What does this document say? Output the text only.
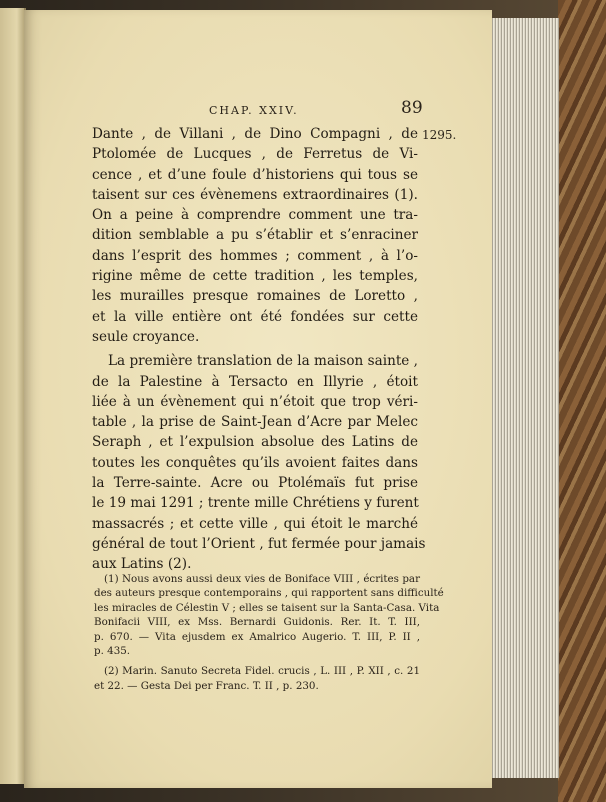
CHAP. XXIV.	89
1295.
Dante , de Villani , de Dino Compagni , de
Ptolomée de Lucques , de Ferretus de Vi-
cence , et d’une foule d’historiens qui tous se
taisent sur ces évènemens extraordinaires (1).
On a peine à comprendre comment une tra-
dition semblable a pu s’établir et s’enraciner
dans l’esprit des hommes ; comment , à l’o-
rigine même de cette tradition , les temples,
les murailles presque romaines de Loretto ,
et la ville entière ont été fondées sur cette
seule croyance.
La première translation de la maison sainte ,
de la Palestine à Tersacto en Illyrie , étoit
liée à un évènement qui n’étoit que trop véri-
table , la prise de Saint-Jean d’Acre par Melec
Seraph , et l’expulsion absolue des Latins de
toutes les conquêtes qu’ils avoient faites dans
la Terre-sainte. Acre ou Ptolémaïs fut prise
le 19 mai 1291 ; trente mille Chrétiens y furent
massacrés ; et cette ville , qui étoit le marché
général de tout l’Orient , fut fermée pour jamais
aux Latins (2).
(1) Nous avons aussi deux vies de Boniface VIII , écrites par
des auteurs presque contemporains , qui rapportent sans difficulté
les miracles de Célestin V ; elles se taisent sur la Santa-Casa. Vita
Bonifacii VIII, ex Mss. Bernardi Guidonis. Rer. It. T. III,
p. 670. — Vita ejusdem ex Amalrico Augerio. T. III, P. II ,
p. 435.
(2) Marin. Sanuto Secreta Fidel. crucis , L. III , P. XII , c. 21
et 22. — Gesta Dei per Franc. T. II , p. 230.
